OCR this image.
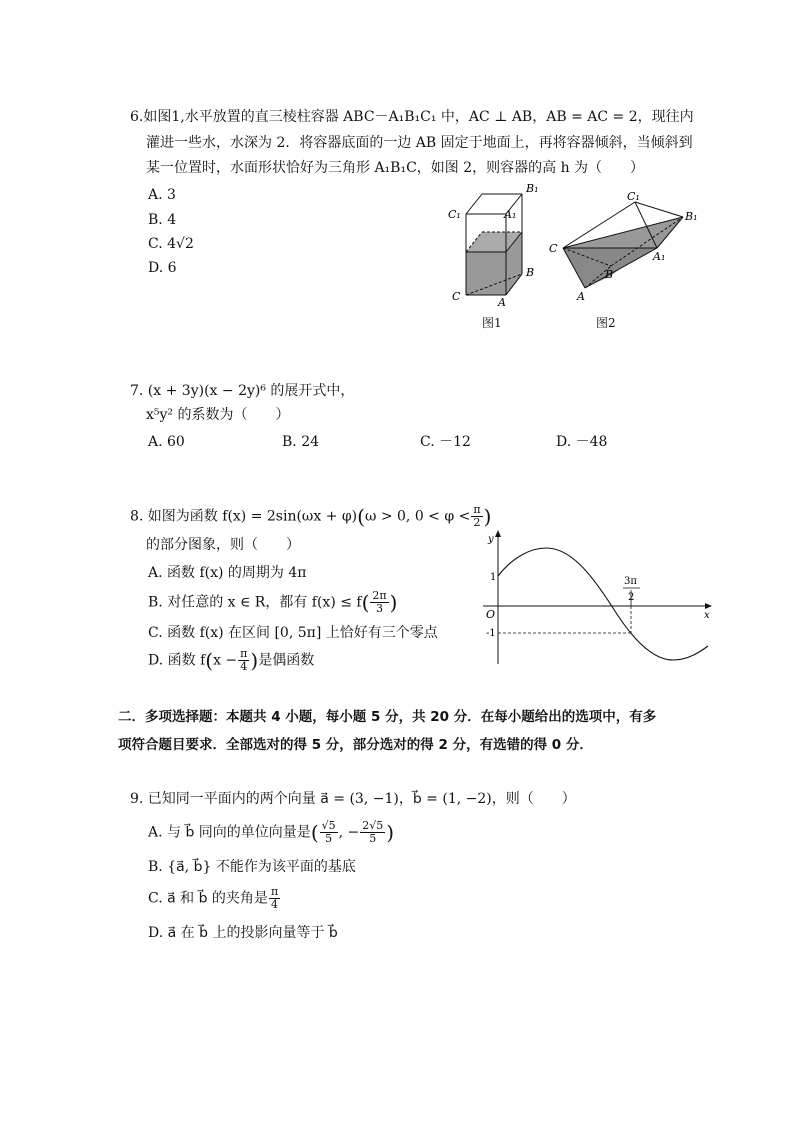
6.如图1,水平放置的直三棱柱容器 ABC－A₁B₁C₁ 中，AC ⊥ AB，AB = AC = 2，现往内
灌进一些水，水深为 2．将容器底面的一边 AB 固定于地面上，再将容器倾斜，当倾斜到
某一位置时，水面形状恰好为三角形 A₁B₁C，如图 2，则容器的高 h 为（　　）
A. 3
B. 4
C. 4√2
D. 6
B₁
C₁	A₁
B
C	A
图1
C₁
B₁
C
A₁
B
A
图2
7. (x + 3y)(x − 2y)⁶ 的展开式中，
x⁵y² 的系数为（　　）
A. 60	B. 24	C. －12	D. －48
8. 如图为函数 f(x) = 2sin(ωx + φ)(ω > 0, $0 < \varphi < \frac{\pi}{2}$ )
的部分图象，则（　　）
A. 函数 f(x) 的周期为 4π
B. 对任意的 x ∈ R，都有 $f(x) \le f( \frac{2\pi}{3}$ )
C. 函数 f(x) 在区间 [0, 5π] 上恰好有三个零点
D. 函数 $f(x - \frac{\pi}{4}$ )是偶函数
y
x
O
1
-1
3π
2
二．多项选择题：本题共 4 小题，每小题 5 分，共 20 分．在每小题给出的选项中，有多
项符合题目要求．全部选对的得 5 分，部分选对的得 2 分，有选错的得 0 分．
9. 已知同一平面内的两个向量 a⃗ = (3, −1)，b⃗ = (1, −2)，则（　　）
A. 与 b⃗ 同向的单位向量是( $\frac{√5}{5}$ , − $\frac{2√5}{5}$ )
B. {a⃗, b⃗} 不能作为该平面的基底
C. a⃗ 和 b⃗ 的夹角是 $\frac{\pi}{4}$
D. a⃗ 在 b⃗ 上的投影向量等于 b⃗
